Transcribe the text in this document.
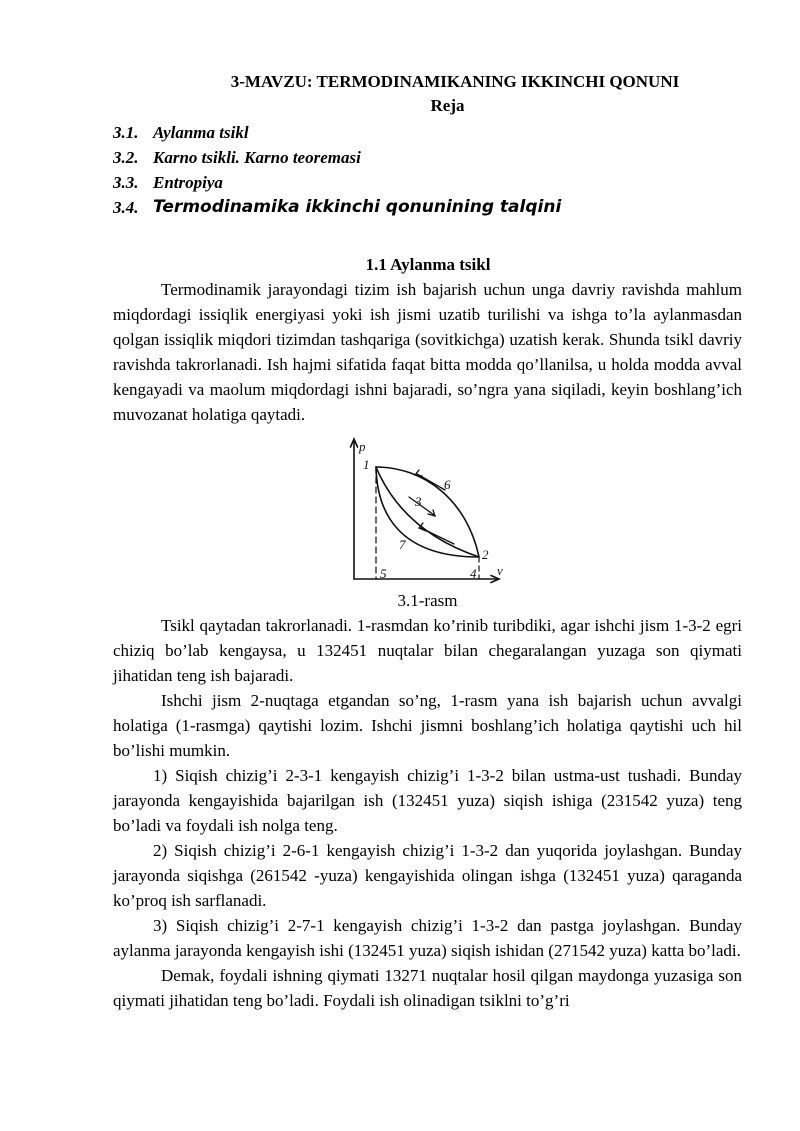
3-MAVZU: TERMODINAMIKANING IKKINCHI QONUNI
Reja
3.1. Aylanma tsikl
3.2. Karno tsikli. Karno teoremasi
3.3. Entropiya
3.4. Termodinamika ikkinchi qonunining talqini
1.1 Aylanma tsikl

Termodinamik jarayondagi tizim ish bajarish uchun unga davriy ravishda mahlum miqdordagi issiqlik energiyasi yoki ish jismi uzatib turilishi va ishga to’la aylanmasdan qolgan issiqlik miqdori tizimdan tashqariga (sovitkichga) uzatish kerak. Shunda tsikl davriy ravishda takrorlanadi. Ish hajmi sifatida faqat bitta modda qo’llanilsa, u holda modda avval kengayadi va maolum miqdordagi ishni bajaradi, so’ngra yana siqiladi, keyin boshlang’ich muvozanat holatiga qaytadi.

p
v
1
2
3
4
5
6
7
3.1-rasm

Tsikl qaytadan takrorlanadi. 1-rasmdan ko’rinib turibdiki, agar ishchi jism 1-3-2 egri chiziq bo’lab kengaysa, u 132451 nuqtalar bilan chegaralangan yuzaga son qiymati jihatidan teng ish bajaradi.

Ishchi jism 2-nuqtaga etgandan so’ng, 1-rasm yana ish bajarish uchun avvalgi holatiga (1-rasmga) qaytishi lozim. Ishchi jismni boshlang’ich holatiga qaytishi uch hil bo’lishi mumkin.

1) Siqish chizig’i 2-3-1 kengayish chizig’i 1-3-2 bilan ustma-ust tushadi. Bunday jarayonda kengayishida bajarilgan ish (132451 yuza) siqish ishiga (231542 yuza) teng bo’ladi va foydali ish nolga teng.

2) Siqish chizig’i 2-6-1 kengayish chizig’i 1-3-2 dan yuqorida joylashgan. Bunday jarayonda siqishga (261542 -yuza) kengayishida olingan ishga (132451 yuza) qaraganda ko’proq ish sarflanadi.

3) Siqish chizig’i 2-7-1 kengayish chizig’i 1-3-2 dan pastga joylashgan. Bunday aylanma jarayonda kengayish ishi (132451 yuza) siqish ishidan (271542 yuza) katta bo’ladi.

Demak, foydali ishning qiymati 13271 nuqtalar hosil qilgan maydonga yuzasiga son qiymati jihatidan teng bo’ladi. Foydali ish olinadigan tsiklni to’g’ri
